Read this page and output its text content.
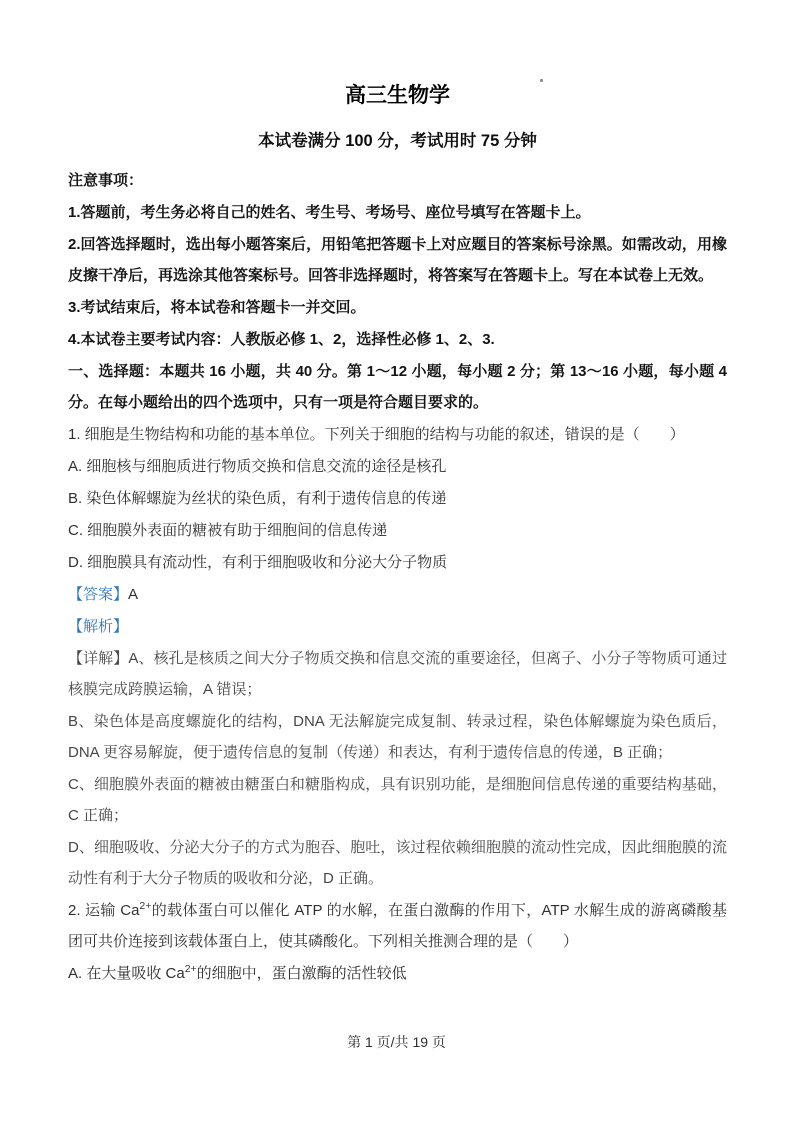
高三生物学

本试卷满分 100 分，考试用时 75 分钟

注意事项：

1.答题前，考生务必将自己的姓名、考生号、考场号、座位号填写在答题卡上。

2.回答选择题时，选出每小题答案后，用铅笔把答题卡上对应题目的答案标号涂黑。如需改动，用橡皮擦干净后，再选涂其他答案标号。回答非选择题时，将答案写在答题卡上。写在本试卷上无效。

3.考试结束后，将本试卷和答题卡一并交回。

4.本试卷主要考试内容：人教版必修 1、2，选择性必修 1、2、3.

一、选择题：本题共 16 小题，共 40 分。第 1～12 小题，每小题 2 分；第 13～16 小题，每小题 4 分。在每小题给出的四个选项中，只有一项是符合题目要求的。

1. 细胞是生物结构和功能的基本单位。下列关于细胞的结构与功能的叙述，错误的是（　　）

A. 细胞核与细胞质进行物质交换和信息交流的途径是核孔

B. 染色体解螺旋为丝状的染色质，有利于遗传信息的传递

C. 细胞膜外表面的糖被有助于细胞间的信息传递

D. 细胞膜具有流动性，有利于细胞吸收和分泌大分子物质

【答案】A

【解析】

【详解】A、核孔是核质之间大分子物质交换和信息交流的重要途径，但离子、小分子等物质可通过核膜完成跨膜运输，A 错误；

B、染色体是高度螺旋化的结构，DNA 无法解旋完成复制、转录过程，染色体解螺旋为染色质后，DNA 更容易解旋，便于遗传信息的复制（传递）和表达，有利于遗传信息的传递，B 正确；

C、细胞膜外表面的糖被由糖蛋白和糖脂构成，具有识别功能，是细胞间信息传递的重要结构基础，C 正确；

D、细胞吸收、分泌大分子的方式为胞吞、胞吐，该过程依赖细胞膜的流动性完成，因此细胞膜的流动性有利于大分子物质的吸收和分泌，D 正确。

2. 运输 $Ca^{2+}$的载体蛋白可以催化 ATP 的水解，在蛋白激酶的作用下，ATP 水解生成的游离磷酸基团可共价连接到该载体蛋白上，使其磷酸化。下列相关推测合理的是（　　）

A. 在大量吸收 $Ca^{2+}$的细胞中，蛋白激酶的活性较低

第 1 页/共 19 页
